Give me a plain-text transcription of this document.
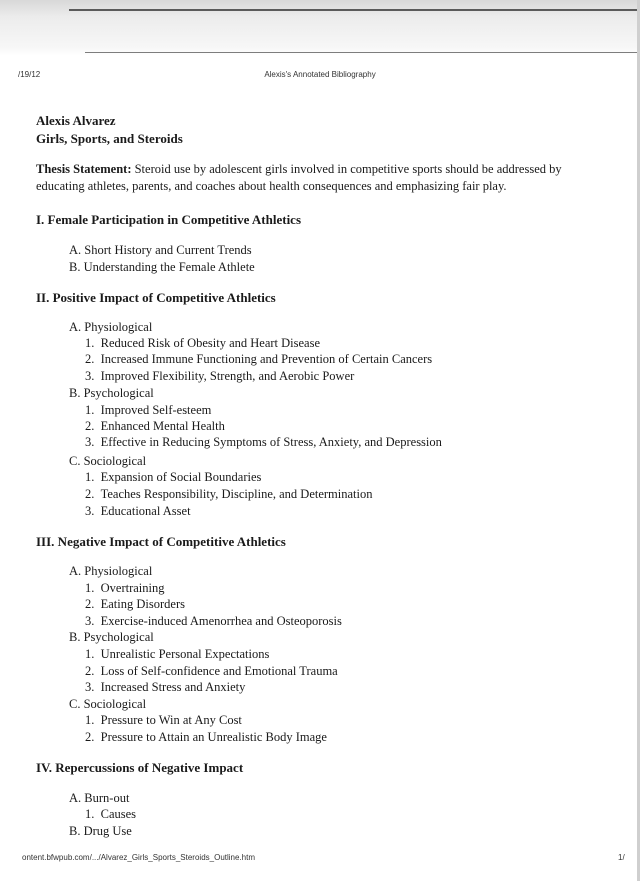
/19/12	Alexis's Annotated Bibliography
Alexis Alvarez
Girls, Sports, and Steroids
Thesis Statement: Steroid use by adolescent girls involved in competitive sports should be addressed by educating athletes, parents, and coaches about health consequences and emphasizing fair play.
I. Female Participation in Competitive Athletics
A. Short History and Current Trends
B. Understanding the Female Athlete
II. Positive Impact of Competitive Athletics
A. Physiological
1. Reduced Risk of Obesity and Heart Disease
2. Increased Immune Functioning and Prevention of Certain Cancers
3. Improved Flexibility, Strength, and Aerobic Power
B. Psychological
1. Improved Self-esteem
2. Enhanced Mental Health
3. Effective in Reducing Symptoms of Stress, Anxiety, and Depression
C. Sociological
1. Expansion of Social Boundaries
2. Teaches Responsibility, Discipline, and Determination
3. Educational Asset
III. Negative Impact of Competitive Athletics
A. Physiological
1. Overtraining
2. Eating Disorders
3. Exercise-induced Amenorrhea and Osteoporosis
B. Psychological
1. Unrealistic Personal Expectations
2. Loss of Self-confidence and Emotional Trauma
3. Increased Stress and Anxiety
C. Sociological
1. Pressure to Win at Any Cost
2. Pressure to Attain an Unrealistic Body Image
IV. Repercussions of Negative Impact
A. Burn-out
1. Causes
B. Drug Use
ontent.bfwpub.com/.../Alvarez_Girls_Sports_Steroids_Outline.htm	1/
